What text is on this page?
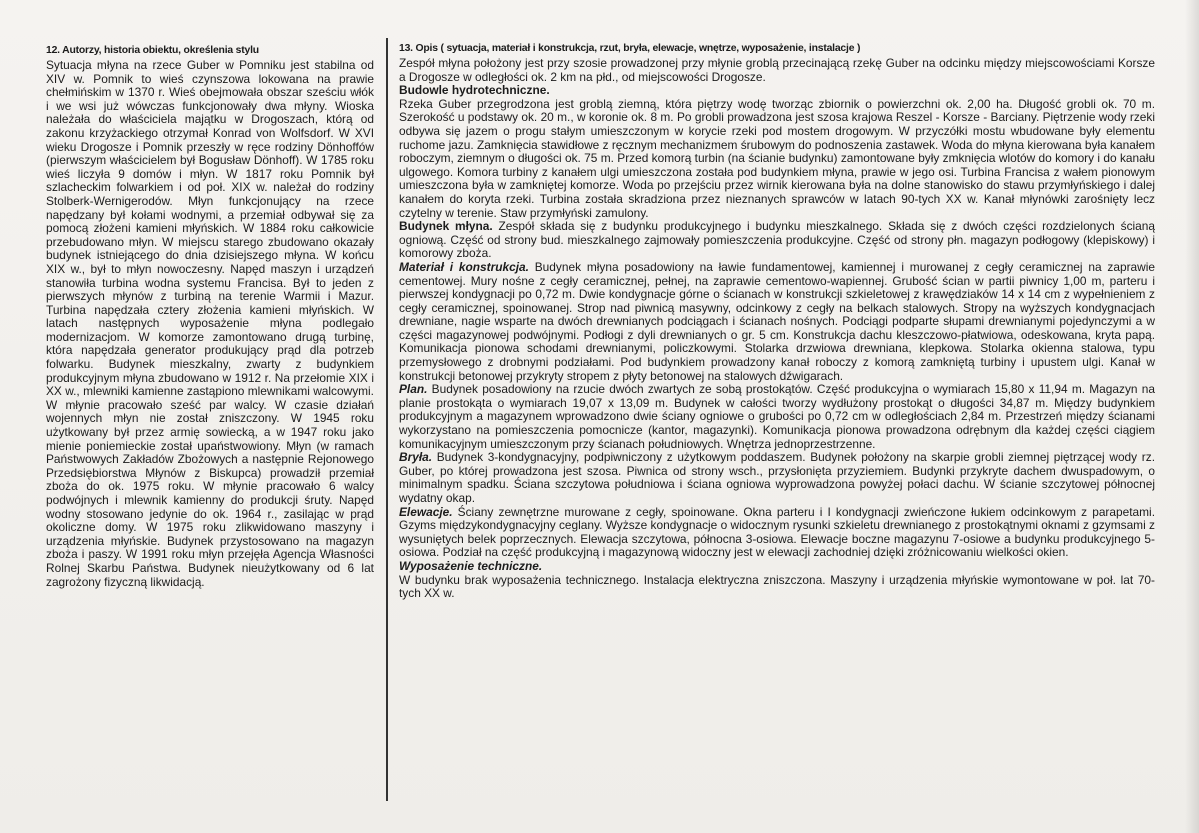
12. Autorzy, historia obiektu, określenia stylu

Sytuacja młyna na rzece Guber w Pomniku jest stabilna od XIV w. Pomnik to wieś czynszowa lokowana na prawie chełmińskim w 1370 r. Wieś obejmowała obszar sześciu włók i we wsi już wówczas funkcjonowały dwa młyny. Wioska należała do właściciela majątku w Drogoszach, którą od zakonu krzyżackiego otrzymał Konrad von Wolfsdorf. W XVI wieku Drogosze i Pomnik przeszły w ręce rodziny Dönhoffów (pierwszym właścicielem był Bogusław Dönhoff). W 1785 roku wieś liczyła 9 domów i młyn. W 1817 roku Pomnik był szlacheckim folwarkiem i od poł. XIX w. należał do rodziny Stolberk-Wernigerodów. Młyn funkcjonujący na rzece napędzany był kołami wodnymi, a przemiał odbywał się za pomocą złożeni kamieni młyńskich. W 1884 roku całkowicie przebudowano młyn. W miejscu starego zbudowano okazały budynek istniejącego do dnia dzisiejszego młyna. W końcu XIX w., był to młyn nowoczesny. Napęd maszyn i urządzeń stanowiła turbina wodna systemu Francisa. Był to jeden z pierwszych młynów z turbiną na terenie Warmii i Mazur. Turbina napędzała cztery złożenia kamieni młyńskich. W latach następnych wyposażenie młyna podlegało modernizacjom. W komorze zamontowano drugą turbinę, która napędzała generator produkujący prąd dla potrzeb folwarku. Budynek mieszkalny, zwarty z budynkiem produkcyjnym młyna zbudowano w 1912 r. Na przełomie XIX i XX w., mlewniki kamienne zastąpiono mlewnikami walcowymi. W młynie pracowało sześć par walcy. W czasie działań wojennych młyn nie został zniszczony. W 1945 roku użytkowany był przez armię sowiecką, a w 1947 roku jako mienie poniemieckie został upaństwowiony. Młyn (w ramach Państwowych Zakładów Zbożowych a następnie Rejonowego Przedsiębiorstwa Młynów z Biskupca) prowadził przemiał zboża do ok. 1975 roku. W młynie pracowało 6 walcy podwójnych i mlewnik kamienny do produkcji śruty. Napęd wodny stosowano jedynie do ok. 1964 r., zasilając w prąd okoliczne domy. W 1975 roku zlikwidowano maszyny i urządzenia młyńskie. Budynek przystosowano na magazyn zboża i paszy. W 1991 roku młyn przejęła Agencja Własności Rolnej Skarbu Państwa. Budynek nieużytkowany od 6 lat zagrożony fizyczną likwidacją.

13. Opis ( sytuacja, materiał i konstrukcja, rzut, bryła, elewacje, wnętrze, wyposażenie, instalacje )

Zespół młyna położony jest przy szosie prowadzonej przy młynie groblą przecinającą rzekę Guber na odcinku między miejscowościami Korsze a Drogosze w odległości ok. 2 km na płd., od miejscowości Drogosze.

Budowle hydrotechniczne.
Rzeka Guber przegrodzona jest groblą ziemną, która piętrzy wodę tworząc zbiornik o powierzchni ok. 2,00 ha. Długość grobli ok. 70 m. Szerokość u podstawy ok. 20 m., w koronie ok. 8 m. Po grobli prowadzona jest szosa krajowa Reszel - Korsze - Barciany. Piętrzenie wody rzeki odbywa się jazem o progu stałym umieszczonym w korycie rzeki pod mostem drogowym. W przyczółki mostu wbudowane były elementu ruchome jazu. Zamknięcia stawidłowe z ręcznym mechanizmem śrubowym do podnoszenia zastawek. Woda do młyna kierowana była kanałem roboczym, ziemnym o długości ok. 75 m. Przed komorą turbin (na ścianie budynku) zamontowane były zmknięcia wlotów do komory i do kanału ulgowego. Komora turbiny z kanałem ulgi umieszczona została pod budynkiem młyna, prawie w jego osi. Turbina Francisa z wałem pionowym umieszczona była w zamkniętej komorze. Woda po przejściu przez wirnik kierowana była na dolne stanowisko do stawu przymłyńskiego i dalej kanałem do koryta rzeki. Turbina została skradziona przez nieznanych sprawców w latach 90-tych XX w. Kanał młynówki zarośnięty lecz czytelny w terenie. Staw przymłyński zamulony.

Budynek młyna. Zespół składa się z budynku produkcyjnego i budynku mieszkalnego. Składa się z dwóch części rozdzielonych ścianą ogniową. Część od strony bud. mieszkalnego zajmowały pomieszczenia produkcyjne. Część od strony płn. magazyn podłogowy (klepiskowy) i komorowy zboża.

Materiał i konstrukcja. Budynek młyna posadowiony na ławie fundamentowej, kamiennej i murowanej z cegły ceramicznej na zaprawie cementowej. Mury nośne z cegły ceramicznej, pełnej, na zaprawie cementowo-wapiennej. Grubość ścian w partii piwnicy 1,00 m, parteru i pierwszej kondygnacji po 0,72 m. Dwie kondygnacje górne o ścianach w konstrukcji szkieletowej z krawędziaków 14 x 14 cm z wypełnieniem z cegły ceramicznej, spoinowanej. Strop nad piwnicą masywny, odcinkowy z cegły na belkach stalowych. Stropy na wyższych kondygnacjach drewniane, nagie wsparte na dwóch drewnianych podciągach i ścianach nośnych. Podciągi podparte słupami drewnianymi pojedynczymi a w części magazynowej podwójnymi. Podłogi z dyli drewnianych o gr. 5 cm. Konstrukcja dachu kleszczowo-płatwiowa, odeskowana, kryta papą. Komunikacja pionowa schodami drewnianymi, policzkowymi. Stolarka drzwiowa drewniana, klepkowa. Stolarka okienna stalowa, typu przemysłowego z drobnymi podziałami. Pod budynkiem prowadzony kanał roboczy z komorą zamkniętą turbiny i upustem ulgi. Kanał w konstrukcji betonowej przykryty stropem z płyty betonowej na stalowych dźwigarach.

Plan. Budynek posadowiony na rzucie dwóch zwartych ze sobą prostokątów. Część produkcyjna o wymiarach 15,80 x 11,94 m. Magazyn na planie prostokąta o wymiarach 19,07 x 13,09 m. Budynek w całości tworzy wydłużony prostokąt o długości 34,87 m. Między budynkiem produkcyjnym a magazynem wprowadzono dwie ściany ogniowe o grubości po 0,72 cm w odległościach 2,84 m. Przestrzeń między ścianami wykorzystano na pomieszczenia pomocnicze (kantor, magazynki). Komunikacja pionowa prowadzona odrębnym dla każdej części ciągiem komunikacyjnym umieszczonym przy ścianach południowych. Wnętrza jednoprzestrzenne.

Bryła. Budynek 3-kondygnacyjny, podpiwniczony z użytkowym poddaszem. Budynek położony na skarpie grobli ziemnej piętrzącej wody rz. Guber, po której prowadzona jest szosa. Piwnica od strony wsch., przysłonięta przyziemiem. Budynki przykryte dachem dwuspadowym, o minimalnym spadku. Ściana szczytowa południowa i ściana ogniowa wyprowadzona powyżej połaci dachu. W ścianie szczytowej północnej wydatny okap.

Elewacje. Ściany zewnętrzne murowane z cegły, spoinowane. Okna parteru i I kondygnacji zwieńczone łukiem odcinkowym z parapetami. Gzyms międzykondygnacyjny ceglany. Wyższe kondygnacje o widocznym rysunki szkieletu drewnianego z prostokątnymi oknami z gzymsami z wysuniętych belek poprzecznych. Elewacja szczytowa, północna 3-osiowa. Elewacje boczne magazynu 7-osiowe a budynku produkcyjnego 5-osiowa. Podział na część produkcyjną i magazynową widoczny jest w elewacji zachodniej dzięki zróżnicowaniu wielkości okien.

Wyposażenie techniczne.
W budynku brak wyposażenia technicznego. Instalacja elektryczna zniszczona. Maszyny i urządzenia młyńskie wymontowane w poł. lat 70-tych XX w.
